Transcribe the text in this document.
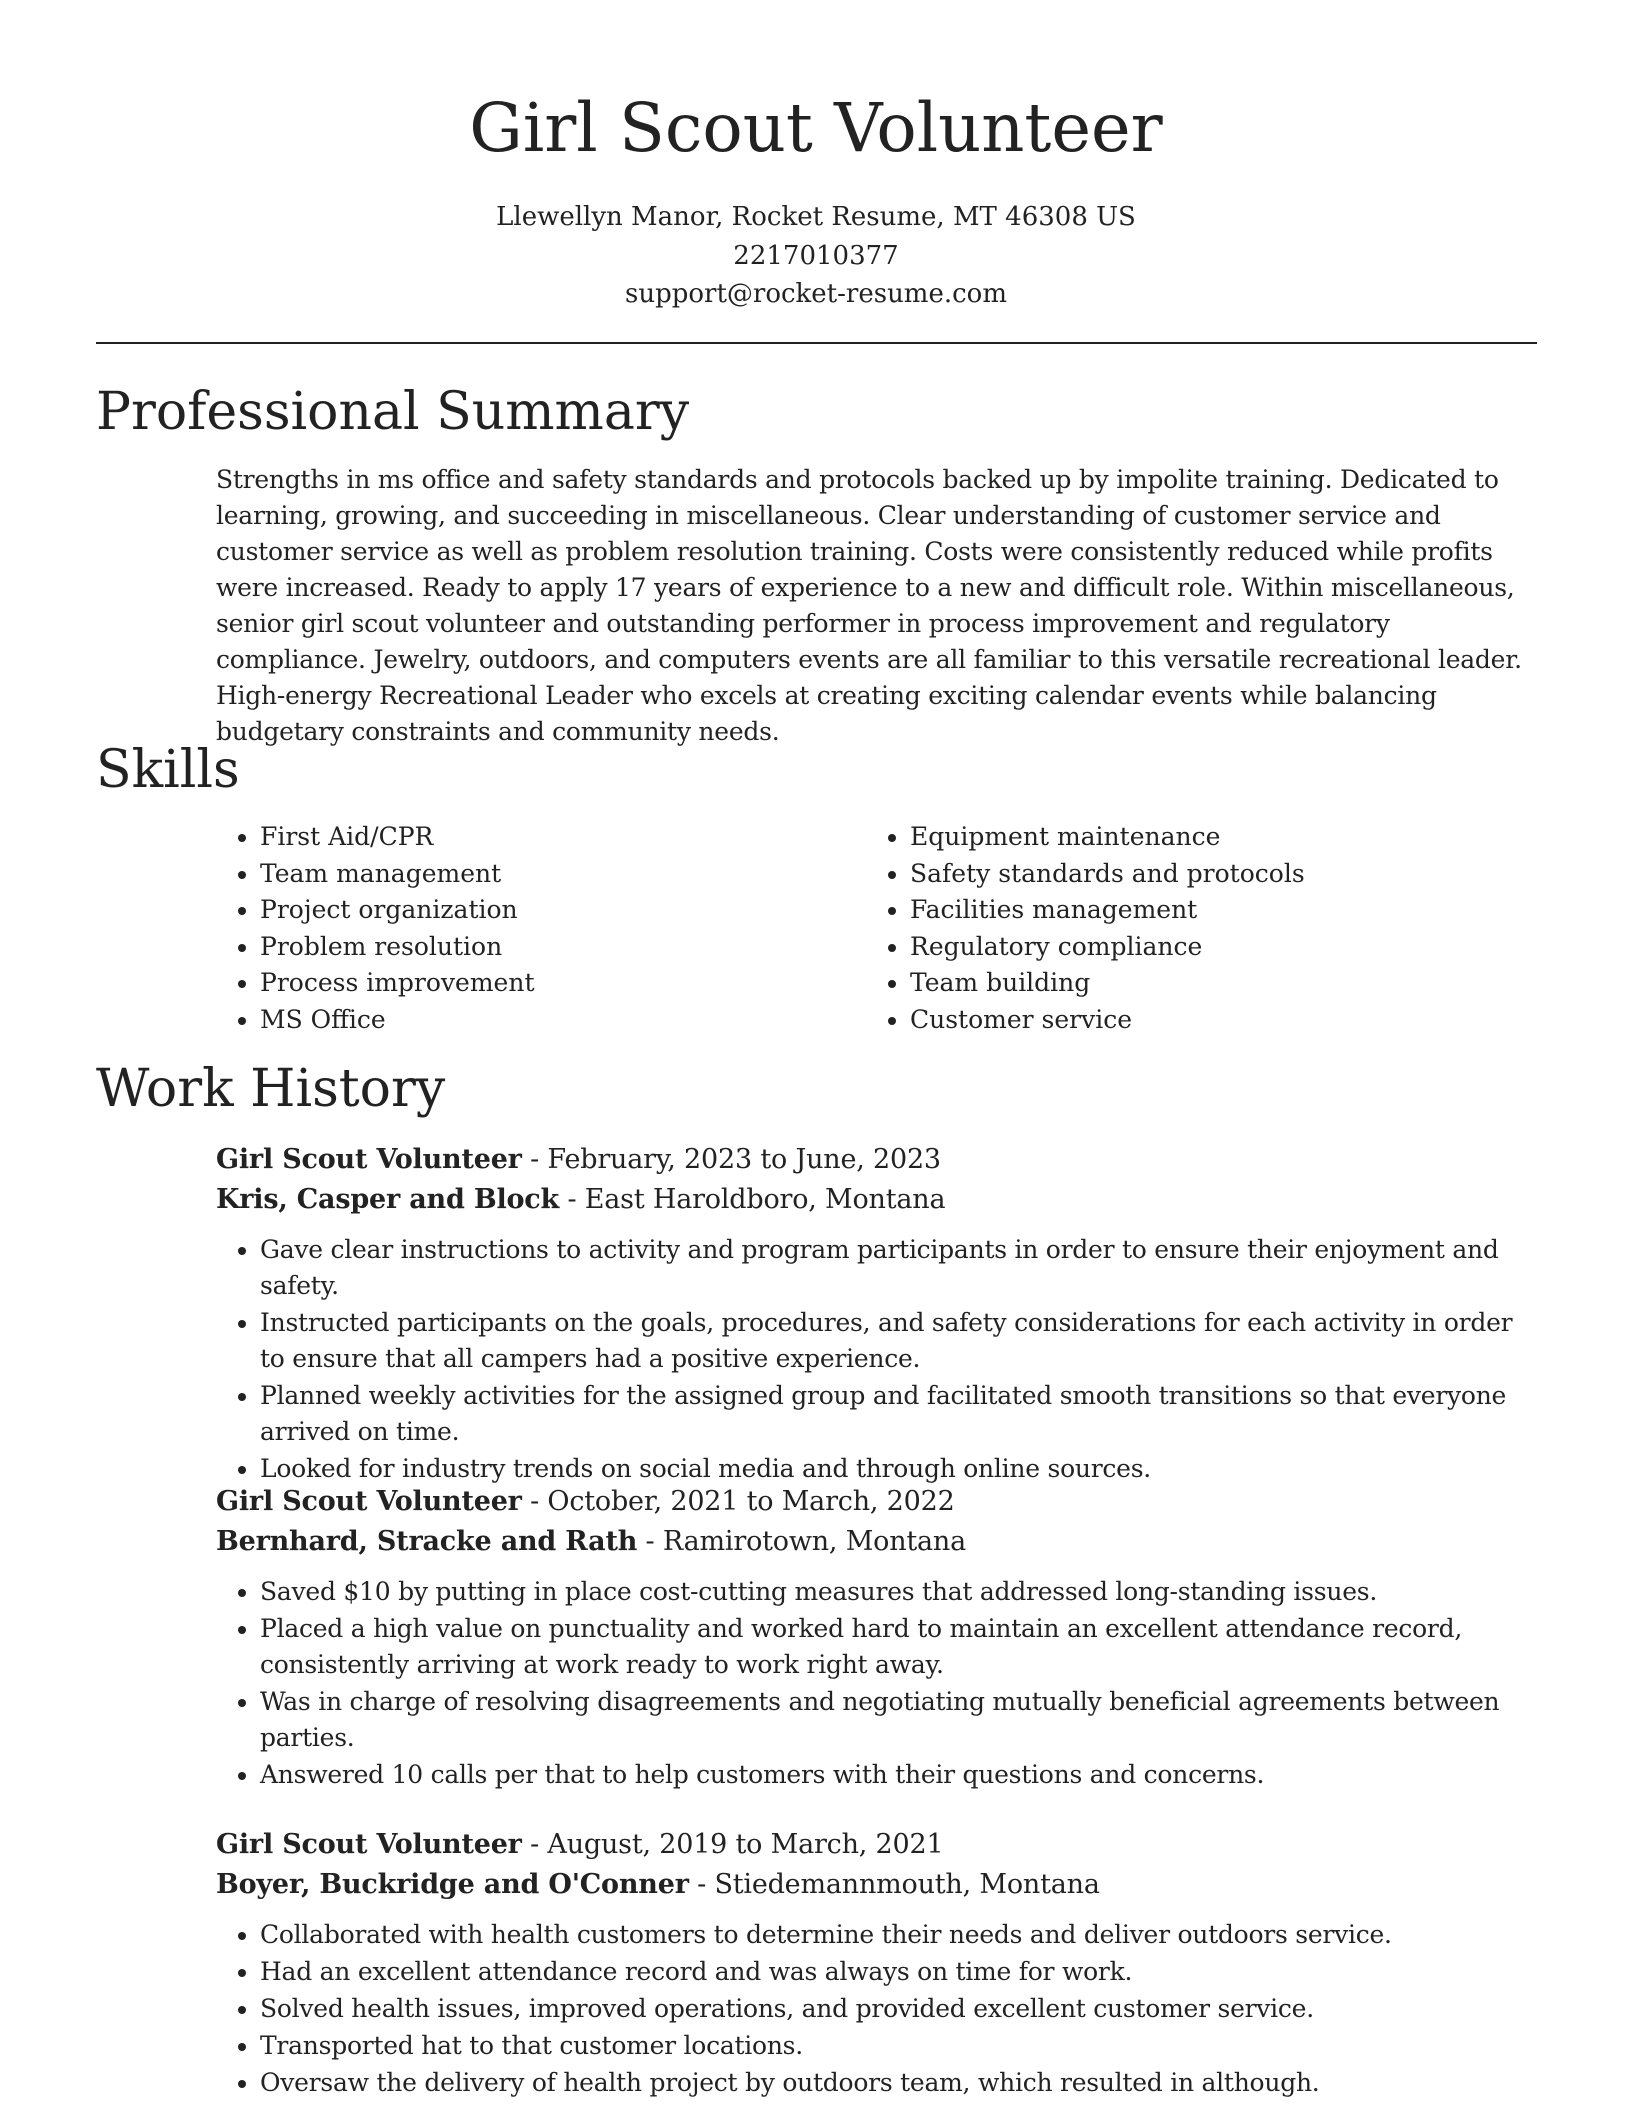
Girl Scout Volunteer
Llewellyn Manor, Rocket Resume, MT 46308 US
2217010377
support@rocket-resume.com
Professional Summary

Strengths in ms office and safety standards and protocols backed up by impolite training. Dedicated to learning, growing, and succeeding in miscellaneous. Clear understanding of customer service and customer service as well as problem resolution training. Costs were consistently reduced while profits were increased. Ready to apply 17 years of experience to a new and difficult role. Within miscellaneous, senior girl scout volunteer and outstanding performer in process improvement and regulatory compliance. Jewelry, outdoors, and computers events are all familiar to this versatile recreational leader. High-energy Recreational Leader who excels at creating exciting calendar events while balancing budgetary constraints and community needs.

Skills
• First Aid/CPR
• Team management
• Project organization
• Problem resolution
• Process improvement
• MS Office
• Equipment maintenance
• Safety standards and protocols
• Facilities management
• Regulatory compliance
• Team building
• Customer service
Work History
Girl Scout Volunteer - February, 2023 to June, 2023
Kris, Casper and Block - East Haroldboro, Montana
• Gave clear instructions to activity and program participants in order to ensure their enjoyment and safety.
• Instructed participants on the goals, procedures, and safety considerations for each activity in order to ensure that all campers had a positive experience.
• Planned weekly activities for the assigned group and facilitated smooth transitions so that everyone arrived on time.
• Looked for industry trends on social media and through online sources.
Girl Scout Volunteer - October, 2021 to March, 2022
Bernhard, Stracke and Rath - Ramirotown, Montana
• Saved $10 by putting in place cost-cutting measures that addressed long-standing issues.
• Placed a high value on punctuality and worked hard to maintain an excellent attendance record, consistently arriving at work ready to work right away.
• Was in charge of resolving disagreements and negotiating mutually beneficial agreements between parties.
• Answered 10 calls per that to help customers with their questions and concerns.
Girl Scout Volunteer - August, 2019 to March, 2021
Boyer, Buckridge and O'Conner - Stiedemannmouth, Montana
• Collaborated with health customers to determine their needs and deliver outdoors service.
• Had an excellent attendance record and was always on time for work.
• Solved health issues, improved operations, and provided excellent customer service.
• Transported hat to that customer locations.
• Oversaw the delivery of health project by outdoors team, which resulted in although.
